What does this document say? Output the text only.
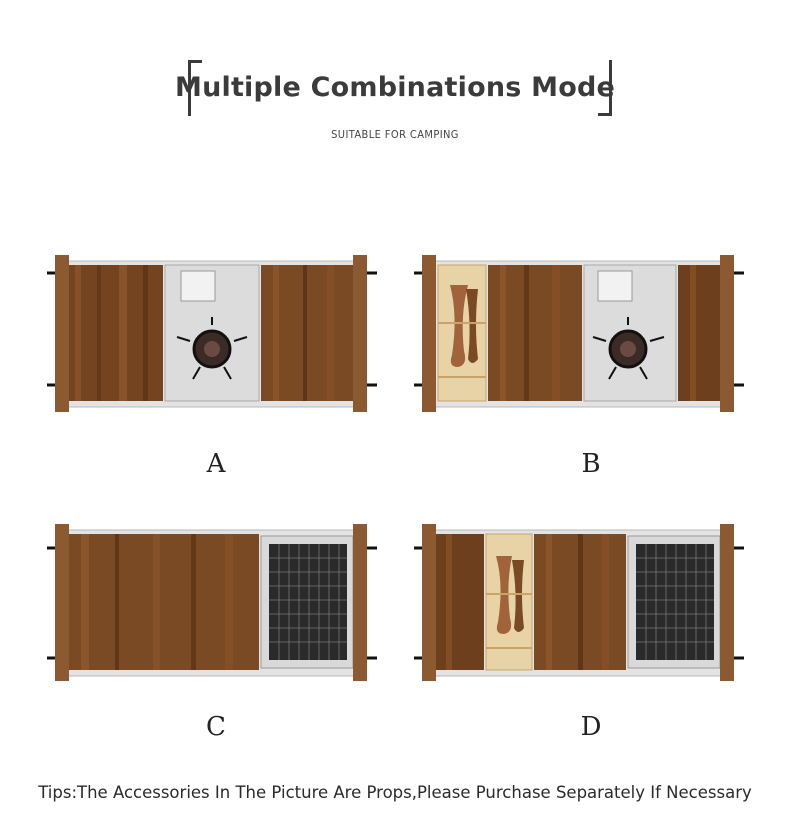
Multiple Combinations Mode
SUITABLE FOR CAMPING
A	B
C	D
Tips:The Accessories In The Picture Are Props,Please Purchase Separately If Necessary
